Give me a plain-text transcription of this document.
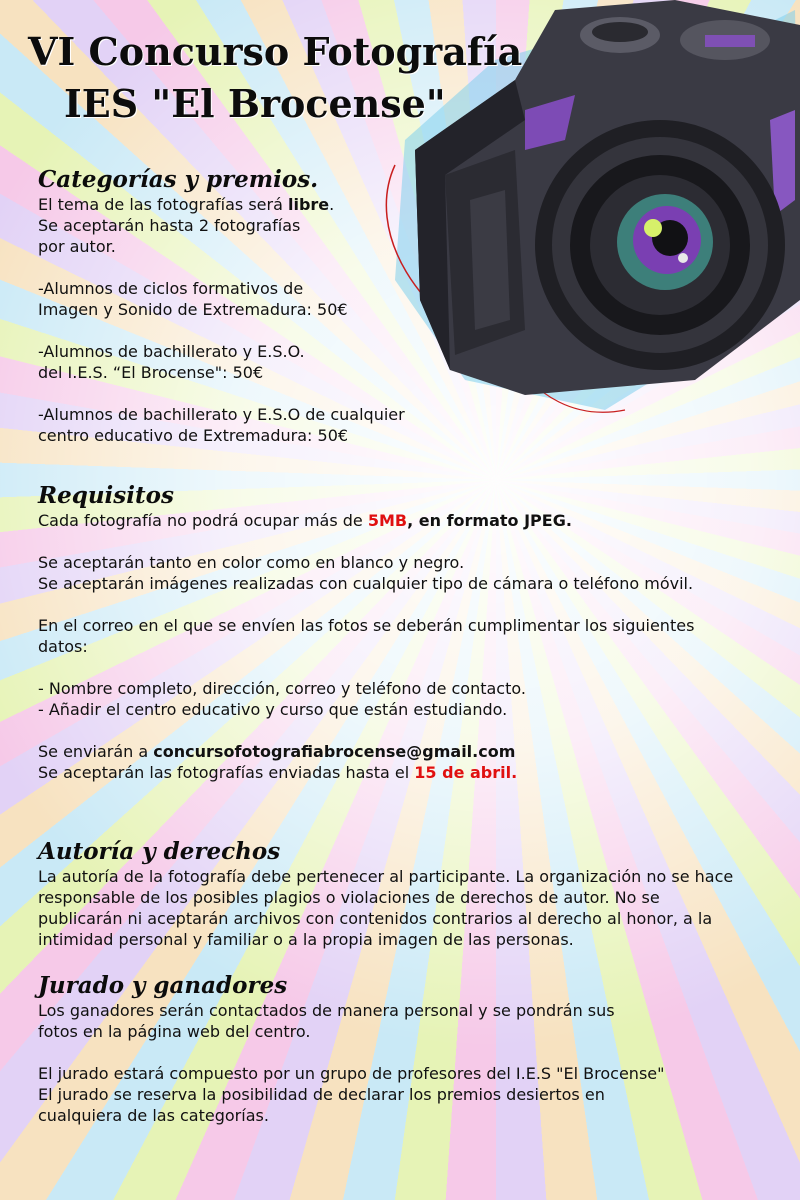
VI Concurso Fotografía
IES "El Brocense"
Categorías y premios.

El tema de las fotografías será libre.
Se aceptarán hasta 2 fotografías
por autor.

-Alumnos de ciclos formativos de
Imagen y Sonido de Extremadura: 50€

-Alumnos de bachillerato y E.S.O.
del I.E.S. “El Brocense": 50€

-Alumnos de bachillerato y E.S.O de cualquier
centro educativo de Extremadura: 50€

Requisitos

Cada fotografía no podrá ocupar más de 5MB, en formato JPEG.

Se aceptarán tanto en color como en blanco y negro.

Se aceptarán imágenes realizadas con cualquier tipo de cámara o teléfono móvil.

En el correo en el que se envíen las fotos se deberán cumplimentar los siguientes datos:

- Nombre completo, dirección, correo y teléfono de contacto.

- Añadir el centro educativo y curso que están estudiando.

Se enviarán a concursofotografiabrocense@gmail.com

Se aceptarán las fotografías enviadas hasta el 15 de abril.

Autoría y derechos

La autoría de la fotografía debe pertenecer al participante. La organización no se hace responsable de los posibles plagios o violaciones de derechos de autor. No se publicarán ni aceptarán archivos con contenidos contrarios al derecho al honor, a la intimidad personal y familiar o a la propia imagen de las personas.

Jurado y ganadores

Los ganadores serán contactados de manera personal y se pondrán sus

fotos en la página web del centro.

El jurado estará compuesto por un grupo de profesores del I.E.S "El Brocense"

El jurado se reserva la posibilidad de declarar los premios desiertos en

cualquiera de las categorías.
